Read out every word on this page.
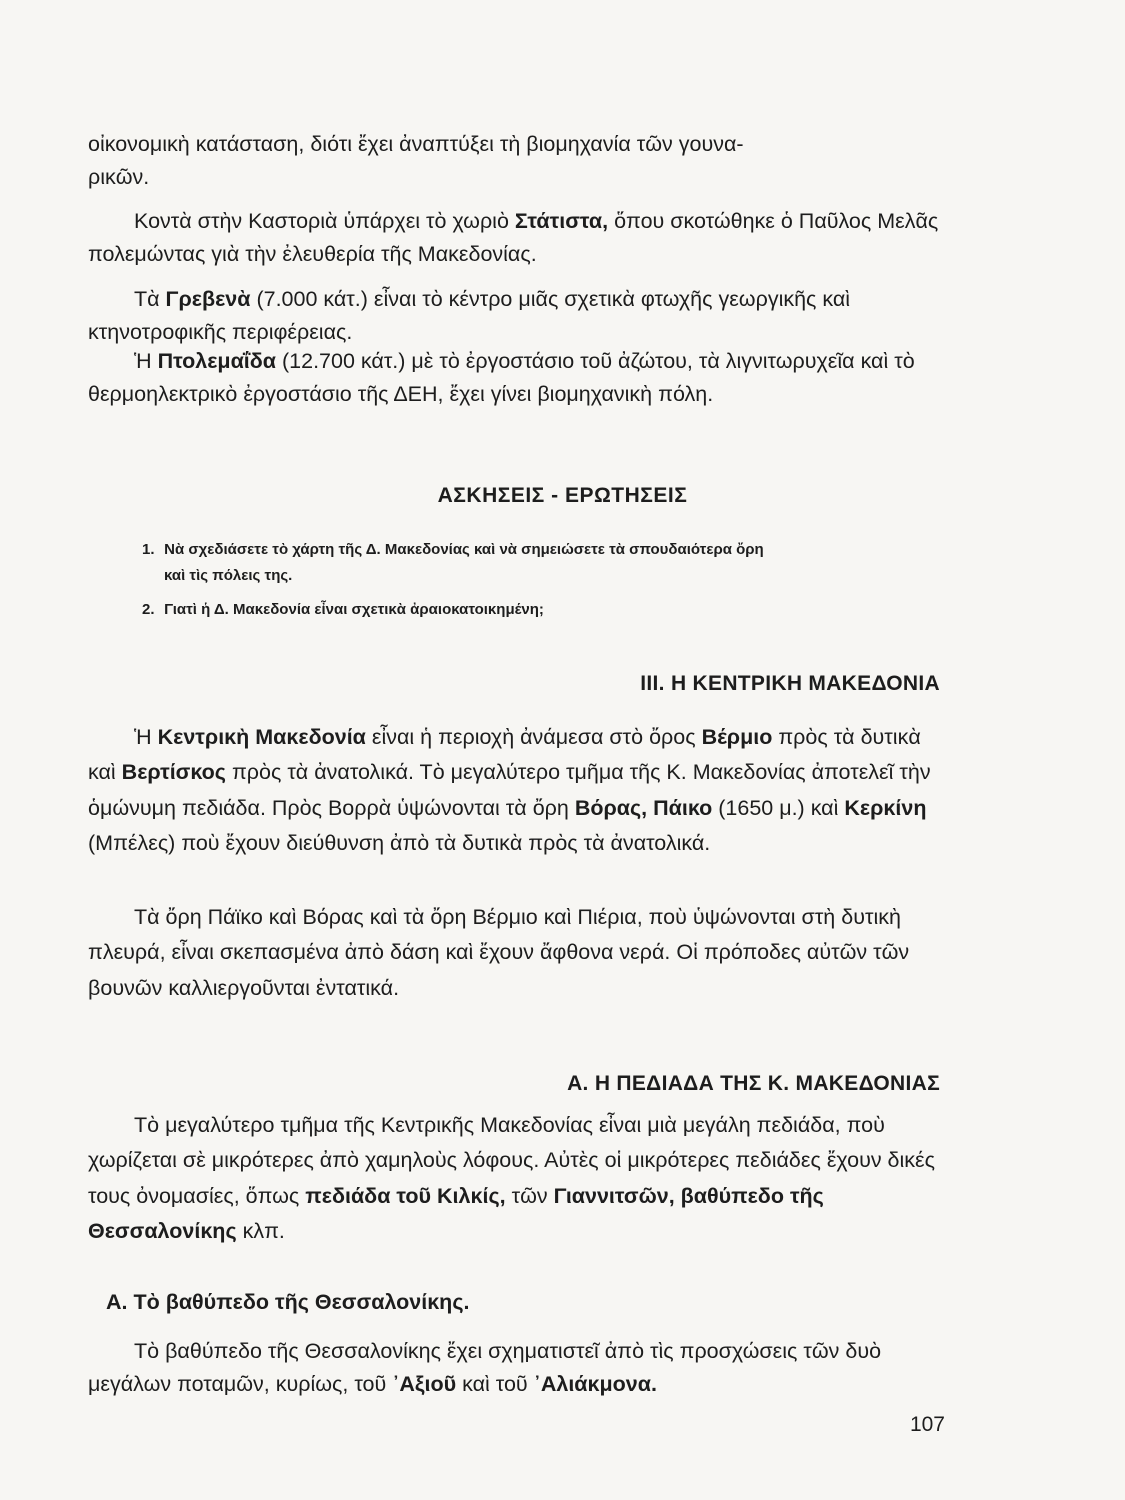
οἰκονομικὴ κατάσταση, διότι ἔχει ἀναπτύξει τὴ βιομηχανία τῶν γουνα-
ρικῶν.

Κοντὰ στὴν Καστοριὰ ὑπάρχει τὸ χωριὸ Στάτιστα, ὅπου σκοτώθηκε ὁ Παῦλος Μελᾶς πολεμώντας γιὰ τὴν ἐλευθερία τῆς Μακεδονίας.

Τὰ Γρεβενὰ (7.000 κάτ.) εἶναι τὸ κέντρο μιᾶς σχετικὰ φτωχῆς γεωργικῆς καὶ κτηνοτροφικῆς περιφέρειας.

Ἡ Πτολεμαΐδα (12.700 κάτ.) μὲ τὸ ἐργοστάσιο τοῦ ἀζώτου, τὰ λιγνιτωρυχεῖα καὶ τὸ θερμοηλεκτρικὸ ἐργοστάσιο τῆς ΔΕΗ, ἔχει γίνει βιομηχανικὴ πόλη.

ΑΣΚΗΣΕΙΣ - ΕΡΩΤΗΣΕΙΣ
1. Νὰ σχεδιάσετε τὸ χάρτη τῆς Δ. Μακεδονίας καὶ νὰ σημειώσετε τὰ σπουδαιότερα ὄρη
καὶ τὶς πόλεις της.
2. Γιατὶ ἡ Δ. Μακεδονία εἶναι σχετικὰ ἀραιοκατοικημένη;
ΙΙΙ. Η ΚΕΝΤΡΙΚΗ ΜΑΚΕΔΟΝΙΑ

Ἡ Κεντρικὴ Μακεδονία εἶναι ἡ περιοχὴ ἀνάμεσα στὸ ὄρος Βέρμιο πρὸς τὰ δυτικὰ καὶ Βερτίσκος πρὸς τὰ ἀνατολικά. Τὸ μεγαλύτερο τμῆμα τῆς Κ. Μακεδονίας ἀποτελεῖ τὴν ὁμώνυμη πεδιάδα. Πρὸς Βορρὰ ὑψώνονται τὰ ὄρη Βόρας, Πάικο (1650 μ.) καὶ Κερκίνη (Μπέλες) ποὺ ἔχουν διεύθυνση ἀπὸ τὰ δυτικὰ πρὸς τὰ ἀνατολικά.

Τὰ ὄρη Πάϊκο καὶ Βόρας καὶ τὰ ὄρη Βέρμιο καὶ Πιέρια, ποὺ ὑψώνονται στὴ δυτικὴ πλευρά, εἶναι σκεπασμένα ἀπὸ δάση καὶ ἔχουν ἄφθονα νερά. Οἱ πρόποδες αὐτῶν τῶν βουνῶν καλλιεργοῦνται ἐντατικά.

Α. Η ΠΕΔΙΑΔΑ ΤΗΣ Κ. ΜΑΚΕΔΟΝΙΑΣ

Τὸ μεγαλύτερο τμῆμα τῆς Κεντρικῆς Μακεδονίας εἶναι μιὰ μεγάλη πεδιάδα, ποὺ χωρίζεται σὲ μικρότερες ἀπὸ χαμηλοὺς λόφους. Αὐτὲς οἱ μικρότερες πεδιάδες ἔχουν δικές τους ὀνομασίες, ὅπως πεδιάδα τοῦ Κιλκίς, τῶν Γιαννιτσῶν, βαθύπεδο τῆς Θεσσαλονίκης κλπ.

Α. Τὸ βαθύπεδο τῆς Θεσσαλονίκης.

Τὸ βαθύπεδο τῆς Θεσσαλονίκης ἔχει σχηματιστεῖ ἀπὸ τὶς προσχώσεις τῶν δυὸ μεγάλων ποταμῶν, κυρίως, τοῦ ᾿Αξιοῦ καὶ τοῦ ᾿Αλιάκμονα.

107
